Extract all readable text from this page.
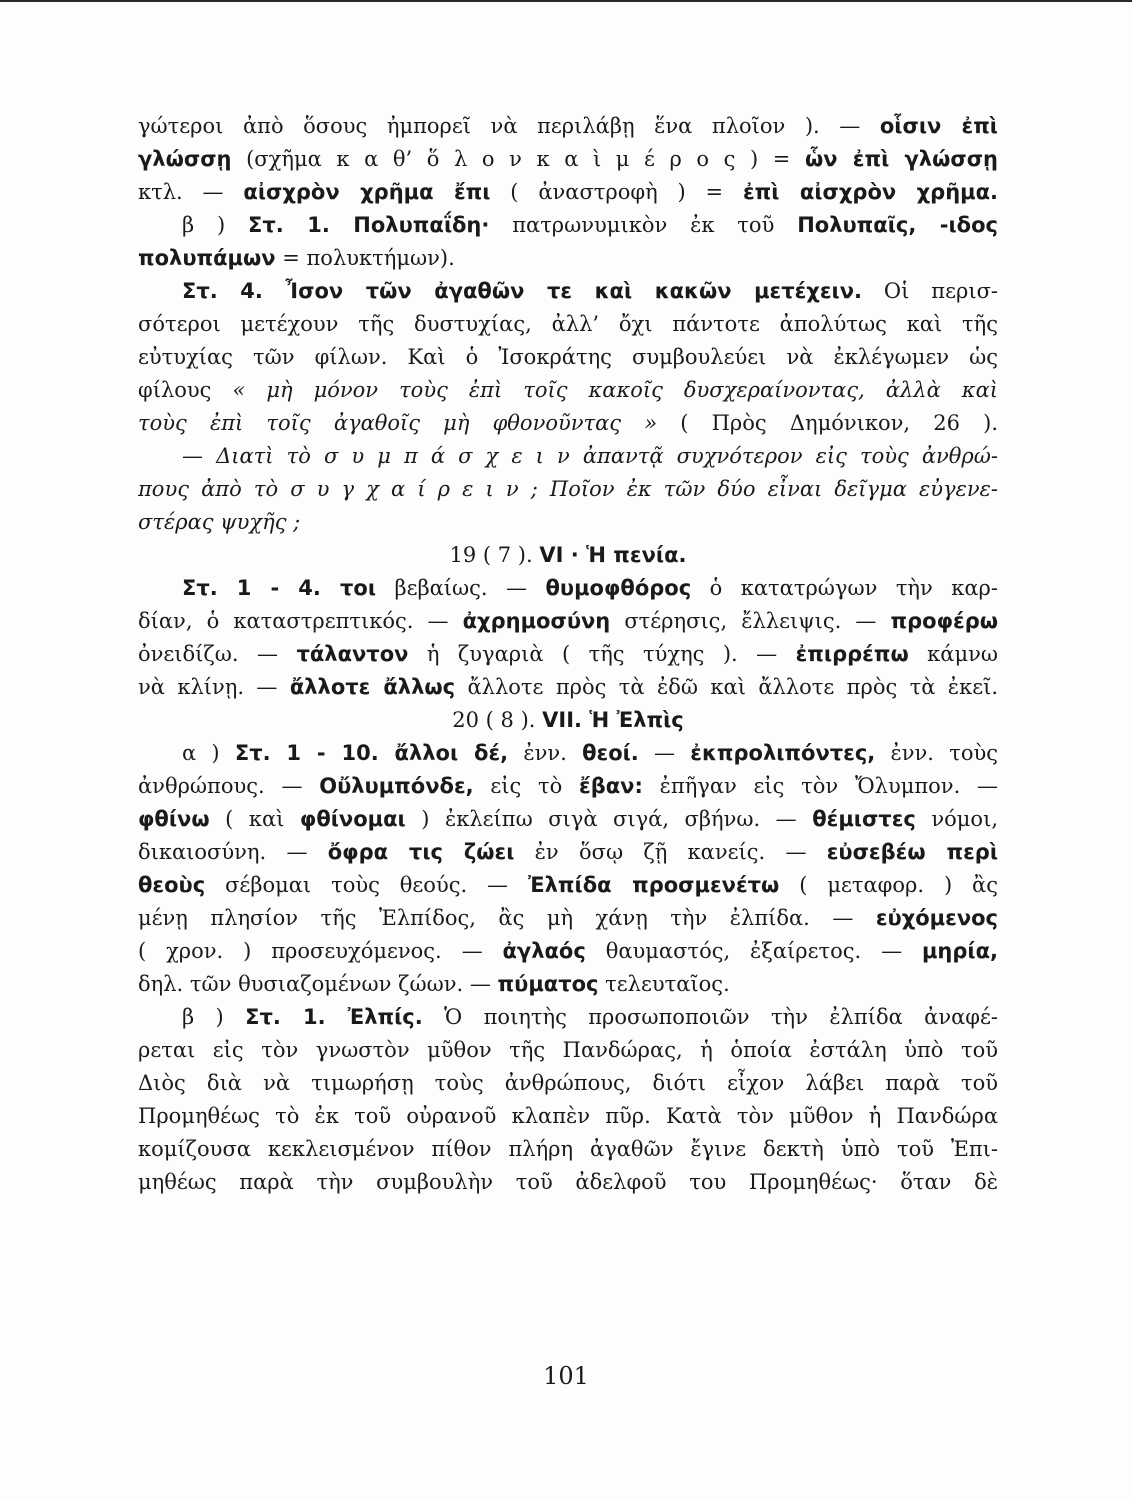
γώτεροι ἀπὸ ὅσους ἠμπορεῖ νὰ περιλάβῃ ἕνα πλοῖον ). — οἷσιν ἐπὶ
γλώσσῃ (σχῆμα κ α θ’ ὅ λ ο ν κ α ὶ μ έ ρ ο ς ) = ὧν ἐπὶ γλώσσῃ
κτλ. — αἰσχρὸν χρῆμα ἔπι ( ἀναστροφὴ ) = ἐπὶ αἰσχρὸν χρῆμα.
β ) Στ. 1. Πολυπαΐδη· πατρωνυμικὸν ἐκ τοῦ Πολυπαῖς, -ιδος
πολυπάμων = πολυκτήμων).
Στ. 4. Ἶσον τῶν ἀγαθῶν τε καὶ κακῶν μετέχειν. Οἱ περισ-
σότεροι μετέχουν τῆς δυστυχίας, ἀλλ’ ὄχι πάντοτε ἀπολύτως καὶ τῆς
εὐτυχίας τῶν φίλων. Καὶ ὁ Ἰσοκράτης συμβουλεύει νὰ ἐκλέγωμεν ὡς
φίλους « μὴ μόνον τοὺς ἐπὶ τοῖς κακοῖς δυσχεραίνοντας, ἀλλὰ καὶ
τοὺς ἐπὶ τοῖς ἀγαθοῖς μὴ φθονοῦντας » ( Πρὸς Δημόνικον, 26 ).
— Διατὶ τὸ σ υ μ π ά σ χ ε ι ν ἀπαντᾷ συχνότερον εἰς τοὺς ἀνθρώ-
πους ἀπὸ τὸ σ υ γ χ α ί ρ ε ι ν ; Ποῖον ἐκ τῶν δύο εἶναι δεῖγμα εὐγενε-
στέρας ψυχῆς ;
19 ( 7 ). VI · Ἡ πενία.
Στ. 1 - 4. τοι βεβαίως. — θυμοφθόρος ὁ κατατρώγων τὴν καρ-
δίαν, ὁ καταστρεπτικός. — ἀχρημοσύνη στέρησις, ἔλλειψις. — προφέρω
ὀνειδίζω. — τάλαντον ἡ ζυγαριὰ ( τῆς τύχης ). — ἐπιρρέπω κάμνω
νὰ κλίνῃ. — ἄλλοτε ἄλλως ἄλλοτε πρὸς τὰ ἐδῶ καὶ ἄλλοτε πρὸς τὰ ἐκεῖ.
20 ( 8 ). VII. Ἡ Ἐλπὶς
α ) Στ. 1 - 10. ἄλλοι δέ, ἐνν. θεοί. — ἐκπρολιπόντες, ἐνν. τοὺς
ἀνθρώπους. — Οὔλυμπόνδε, εἰς τὸ ἔβαν: ἐπῆγαν εἰς τὸν Ὄλυμπον. —
φθίνω ( καὶ φθίνομαι ) ἐκλείπω σιγὰ σιγά, σβήνω. — θέμιστες νόμοι,
δικαιοσύνη. — ὄφρα τις ζώει ἐν ὅσῳ ζῇ κανείς. — εὐσεβέω περὶ
θεοὺς σέβομαι τοὺς θεούς. — Ἐλπίδα προσμενέτω ( μεταφορ. ) ἂς
μένῃ πλησίον τῆς Ἐλπίδος, ἂς μὴ χάνῃ τὴν ἐλπίδα. — εὐχόμενος
( χρον. ) προσευχόμενος. — ἀγλαός θαυμαστός, ἐξαίρετος. — μηρία,
δηλ. τῶν θυσιαζομένων ζώων. — πύματος τελευταῖος.
β ) Στ. 1. Ἐλπίς. Ὁ ποιητὴς προσωποποιῶν τὴν ἐλπίδα ἀναφέ-
ρεται εἰς τὸν γνωστὸν μῦθον τῆς Πανδώρας, ἡ ὁποία ἐστάλη ὑπὸ τοῦ
Διὸς διὰ νὰ τιμωρήσῃ τοὺς ἀνθρώπους, διότι εἶχον λάβει παρὰ τοῦ
Προμηθέως τὸ ἐκ τοῦ οὐρανοῦ κλαπὲν πῦρ. Κατὰ τὸν μῦθον ἡ Πανδώρα
κομίζουσα κεκλεισμένον πίθον πλήρη ἀγαθῶν ἔγινε δεκτὴ ὑπὸ τοῦ Ἐπι-
μηθέως παρὰ τὴν συμβουλὴν τοῦ ἀδελφοῦ του Προμηθέως· ὅταν δὲ
101
